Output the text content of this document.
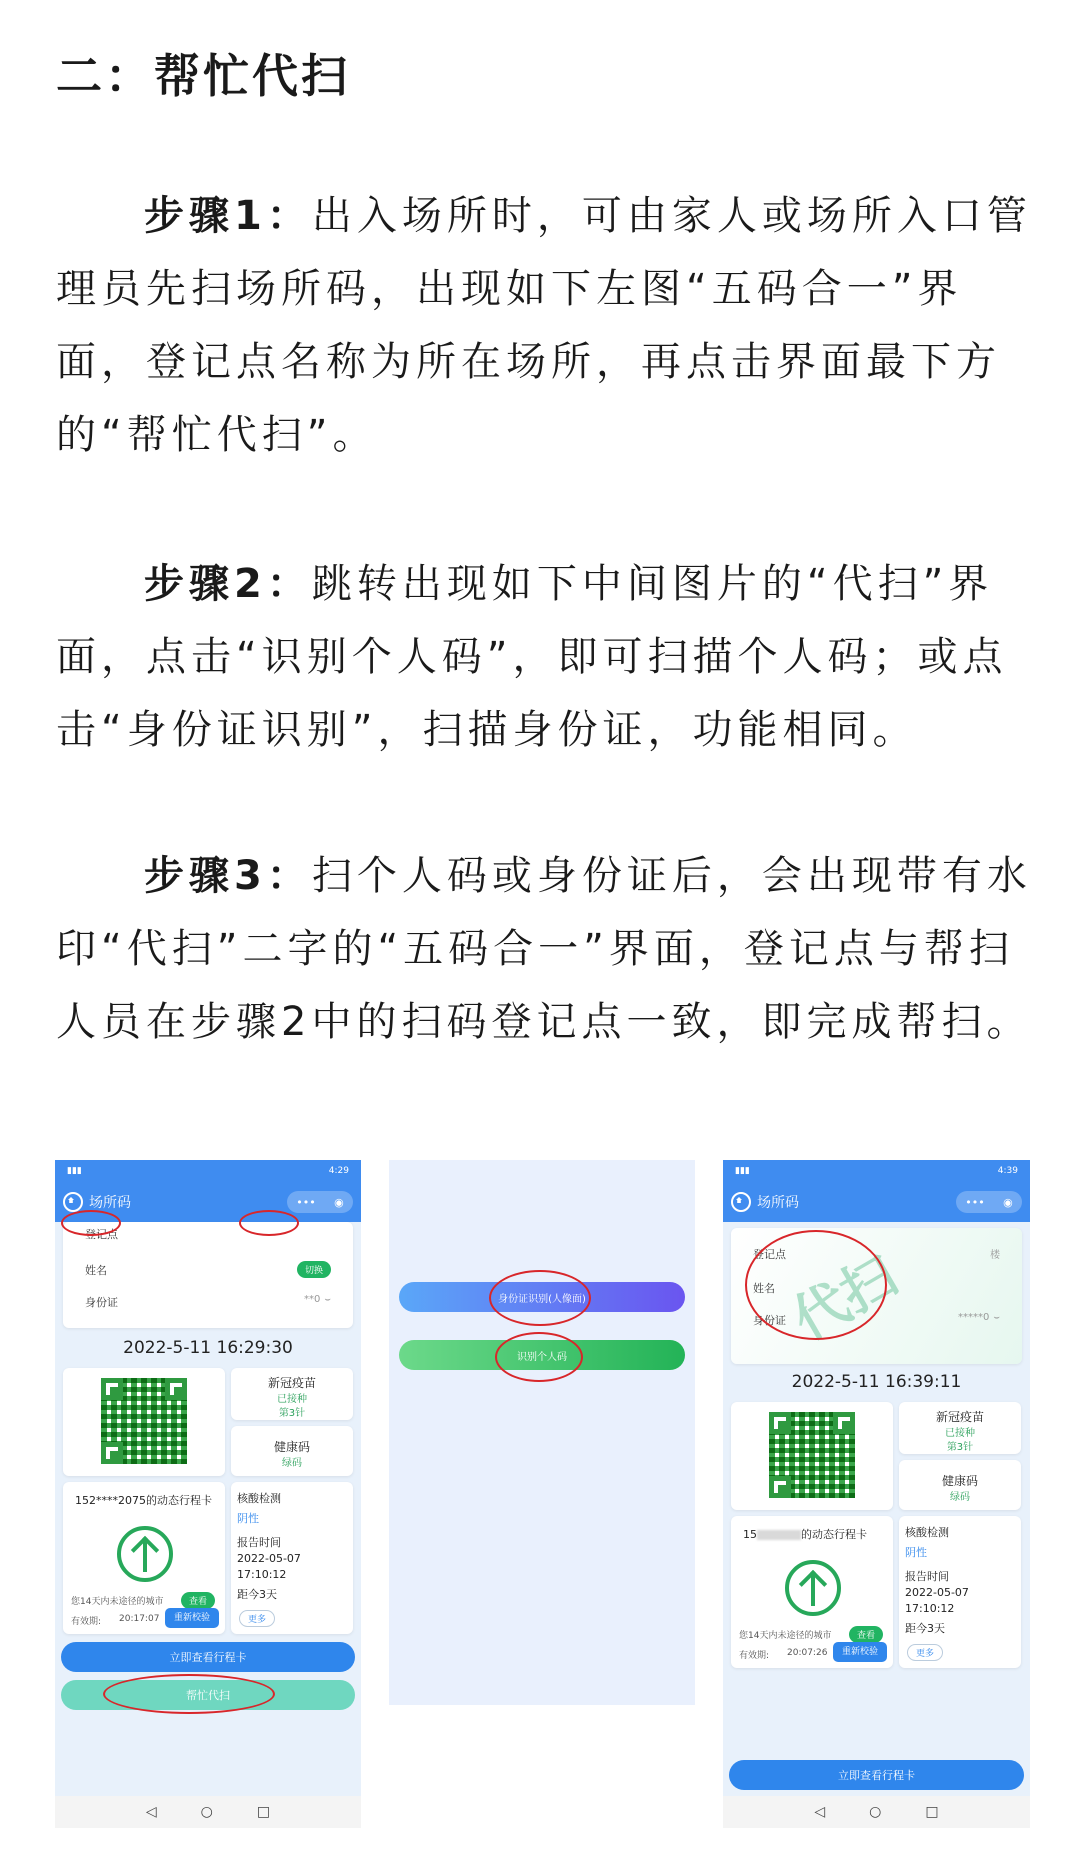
二：帮忙代扫
步骤1：出入场所时，可由家人或场所入口管理员先扫场所码，出现如下左图“五码合一”界面，登记点名称为所在场所，再点击界面最下方的“帮忙代扫”。
步骤2：跳转出现如下中间图片的“代扫”界面，点击“识别个人码”，即可扫描个人码；或点击“身份证识别”，扫描身份证，功能相同。
步骤3：扫个人码或身份证后，会出现带有水印“代扫”二字的“五码合一”界面，登记点与帮扫人员在步骤2中的扫码登记点一致，即完成帮扫。
▮▮▮	4:29
场所码	••• ◉
登记点
姓名	切换
身份证	**0 ⌣
2022-5-11 16:29:30
新冠疫苗
已接种
第3针
健康码
绿码
152****2075的动态行程卡
您14天内未途径的城市	查看
有效期: 20:17:07	重新校验
核酸检测
阴性
报告时间
2022-05-07
17:10:12
距今3天
更多
立即查看行程卡
帮忙代扫
◁	○	□
身份证识别(人像面)
识别个人码
▮▮▮	4:39
场所码	••• ◉
登记点	楼
姓名
身份证	*****0 ⌣
代扫
2022-5-11 16:39:11
新冠疫苗
已接种
第3针
健康码
绿码
15	的动态行程卡
您14天内未途径的城市	查看
有效期: 20:07:26	重新校验
核酸检测
阴性
报告时间
2022-05-07
17:10:12
距今3天
更多
立即查看行程卡
◁	○	□
